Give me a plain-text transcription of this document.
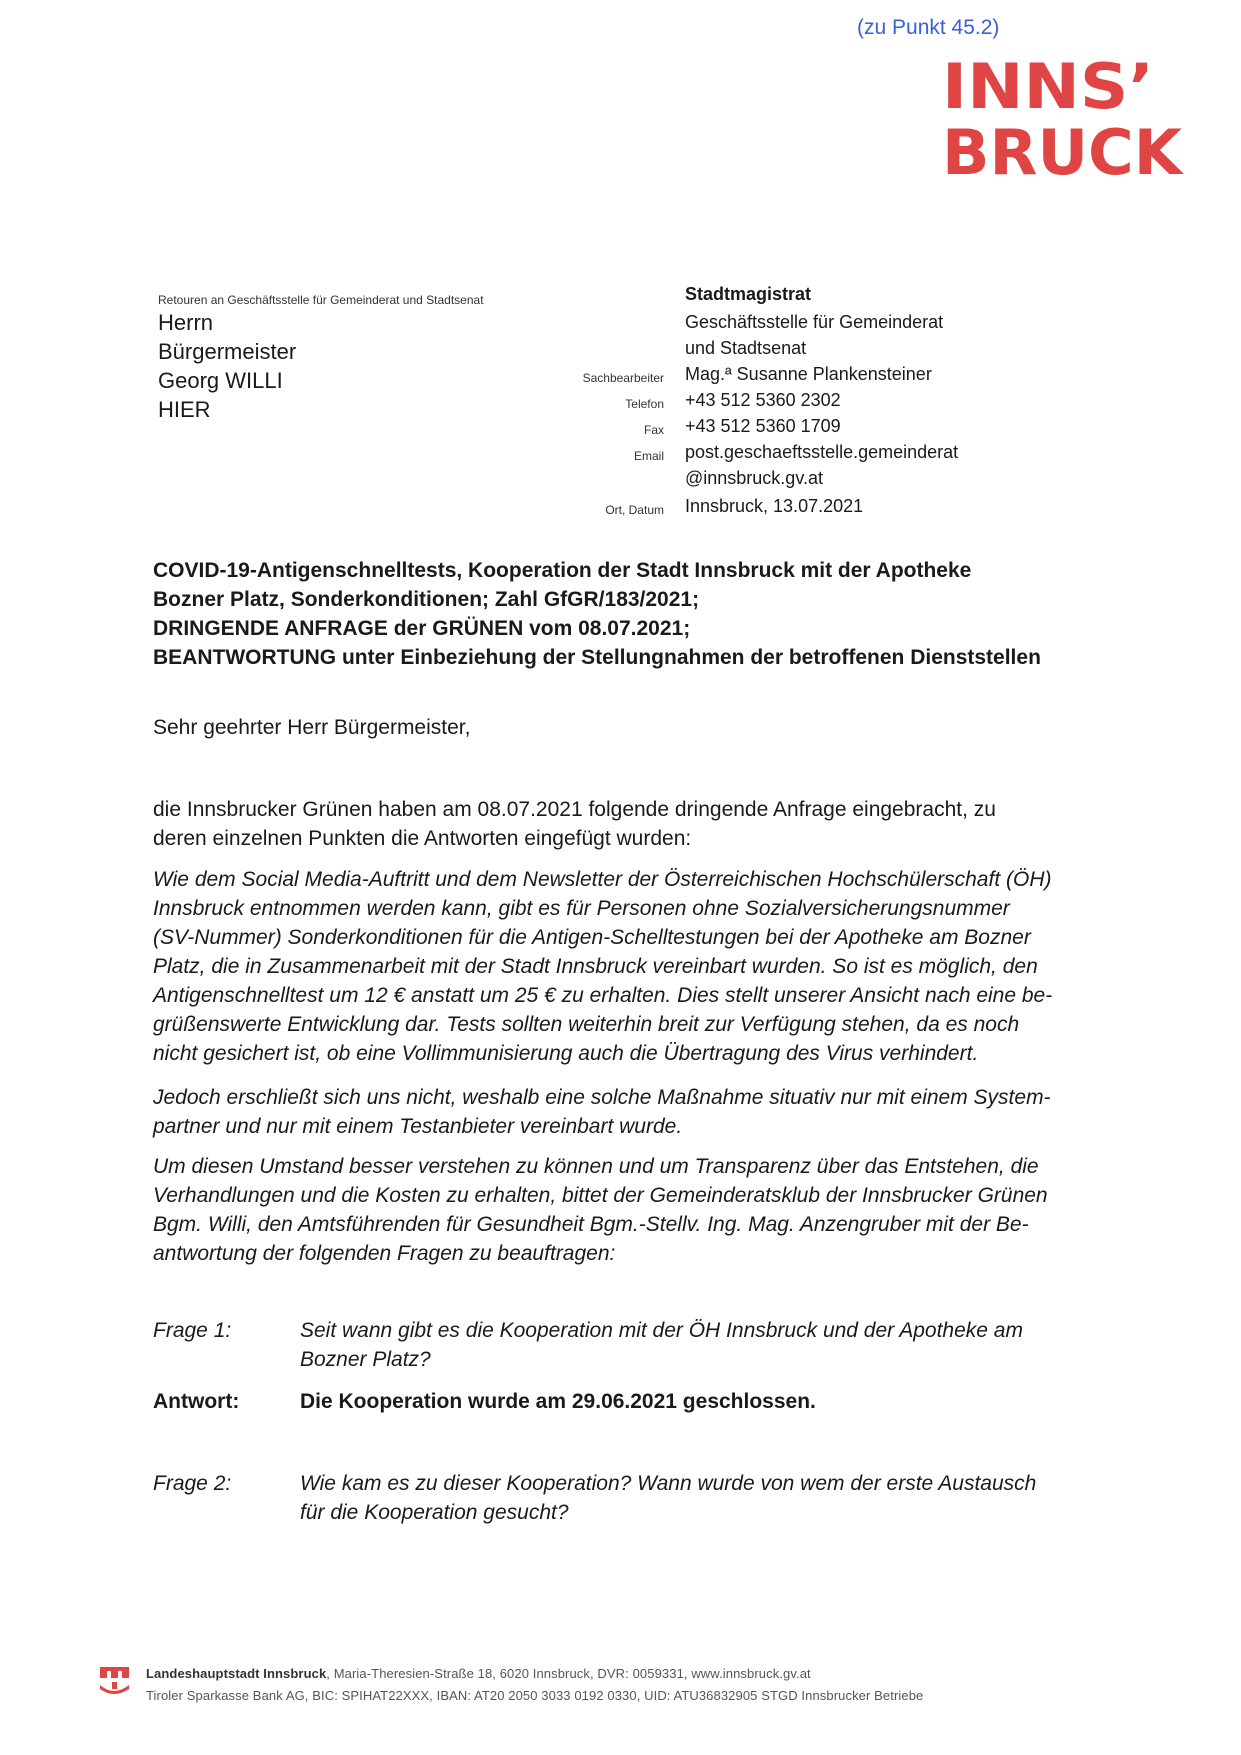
(zu Punkt 45.2)
INNS’
BRUCK
Retouren an Geschäftsstelle für Gemeinderat und Stadtsenat
Herrn
Bürgermeister
Georg WILLI
HIER
Stadtmagistrat
Geschäftsstelle für Gemeinderat
und Stadtsenat
Sachbearbeiter Mag.ª Susanne Plankensteiner
Telefon +43 512 5360 2302
Fax +43 512 5360 1709
Email post.geschaeftsstelle.gemeinderat
@innsbruck.gv.at
Ort, Datum Innsbruck, 13.07.2021
COVID-19-Antigenschnelltests, Kooperation der Stadt Innsbruck mit der Apotheke
Bozner Platz, Sonderkonditionen; Zahl GfGR/183/2021;
DRINGENDE ANFRAGE der GRÜNEN vom 08.07.2021;
BEANTWORTUNG unter Einbeziehung der Stellungnahmen der betroffenen Dienststellen
Sehr geehrter Herr Bürgermeister,

die Innsbrucker Grünen haben am 08.07.2021 folgende dringende Anfrage eingebracht, zu

deren einzelnen Punkten die Antworten eingefügt wurden:

Wie dem Social Media-Auftritt und dem Newsletter der Österreichischen Hochschülerschaft (ÖH)

Innsbruck entnommen werden kann, gibt es für Personen ohne Sozialversicherungsnummer

(SV-Nummer) Sonderkonditionen für die Antigen-Schelltestungen bei der Apotheke am Bozner

Platz, die in Zusammenarbeit mit der Stadt Innsbruck vereinbart wurden. So ist es möglich, den

Antigenschnelltest um 12 € anstatt um 25 € zu erhalten. Dies stellt unserer Ansicht nach eine be-

grüßenswerte Entwicklung dar. Tests sollten weiterhin breit zur Verfügung stehen, da es noch

nicht gesichert ist, ob eine Vollimmunisierung auch die Übertragung des Virus verhindert.

Jedoch erschließt sich uns nicht, weshalb eine solche Maßnahme situativ nur mit einem System-

partner und nur mit einem Testanbieter vereinbart wurde.

Um diesen Umstand besser verstehen zu können und um Transparenz über das Entstehen, die

Verhandlungen und die Kosten zu erhalten, bittet der Gemeinderatsklub der Innsbrucker Grünen

Bgm. Willi, den Amtsführenden für Gesundheit Bgm.-Stellv. Ing. Mag. Anzengruber mit der Be-

antwortung der folgenden Fragen zu beauftragen:

Frage 1:	Seit wann gibt es die Kooperation mit der ÖH Innsbruck und der Apotheke am
Bozner Platz?
Antwort:	Die Kooperation wurde am 29.06.2021 geschlossen.
Frage 2:	Wie kam es zu dieser Kooperation? Wann wurde von wem der erste Austausch
für die Kooperation gesucht?
Landeshauptstadt Innsbruck, Maria-Theresien-Straße 18, 6020 Innsbruck, DVR: 0059331, www.innsbruck.gv.at
Tiroler Sparkasse Bank AG, BIC: SPIHAT22XXX, IBAN: AT20 2050 3033 0192 0330, UID: ATU36832905 STGD Innsbrucker Betriebe
